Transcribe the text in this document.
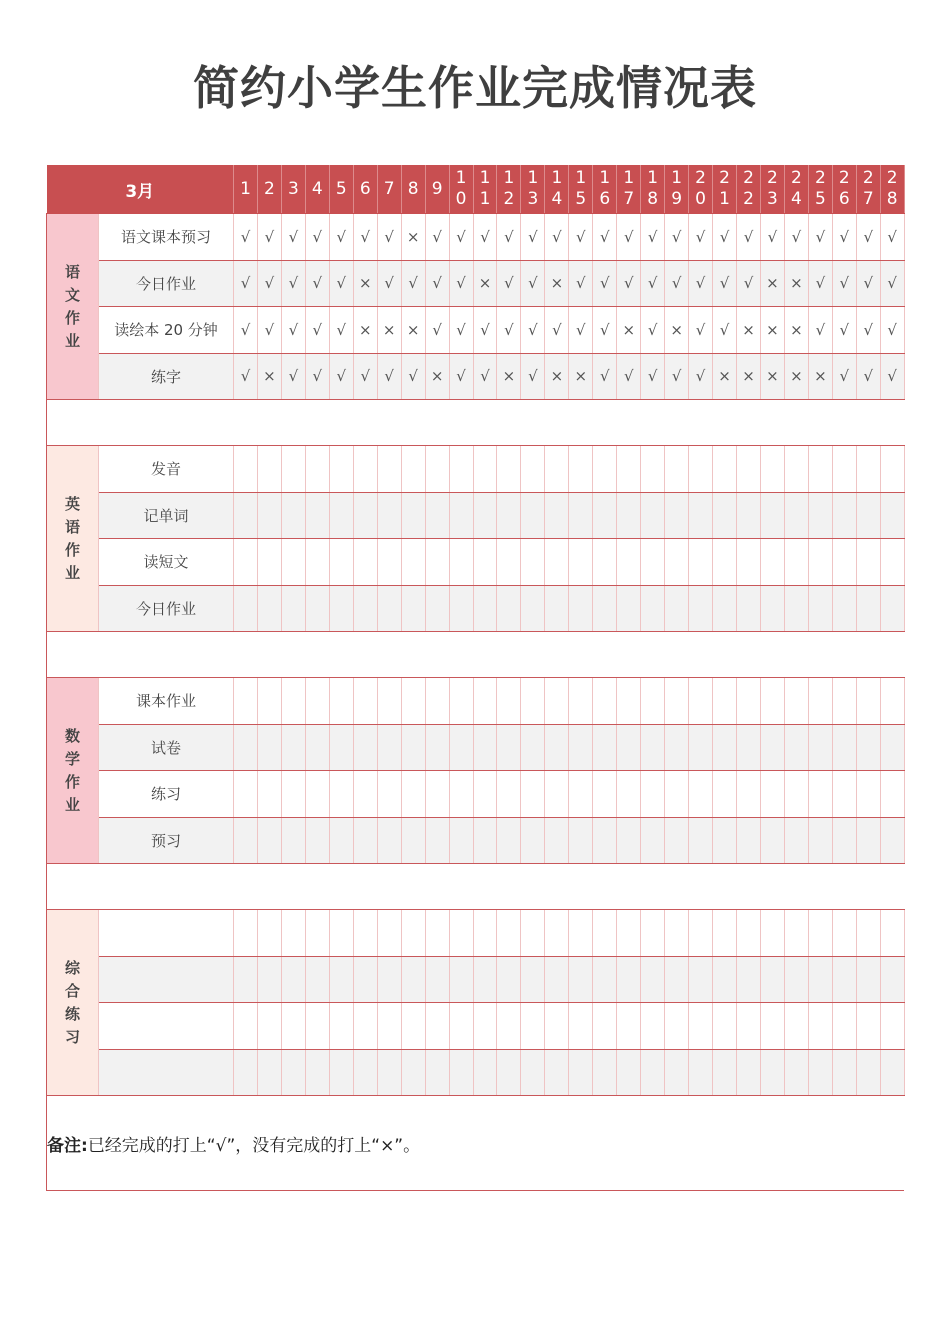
简约小学生作业完成情况表
3月		1	2	3	4	5	6	7	8	9	10	11	12	13	14	15	16	17	18	19	20	21	22	23	24	25	26	27	28
语文作业	语文课本预习	√	√	√	√	√	√	√	×	√	√	√	√	√	√	√	√	√	√	√	√	√	√	√	√	√	√	√	√
	今日作业	√	√	√	√	√	×	√	√	√	√	×	√	√	×	√	√	√	√	√	√	√	√	×	×	√	√	√	√
	读绘本 20 分钟	√	√	√	√	√	×	×	×	√	√	√	√	√	√	√	√	×	√	×	√	√	×	×	×	√	√	√	√
	练字	√	×	√	√	√	√	√	√	×	√	√	×	√	×	×	√	√	√	√	√	×	×	×	×	×	√	√	√

英语作业	发音																												
	记单词																												
	读短文																												
	今日作业																												

数学作业	课本作业																												
	试卷																												
	练习																												
	预习																												

综合练习																													

备注:已经完成的打上“√”，没有完成的打上“×”。																													
